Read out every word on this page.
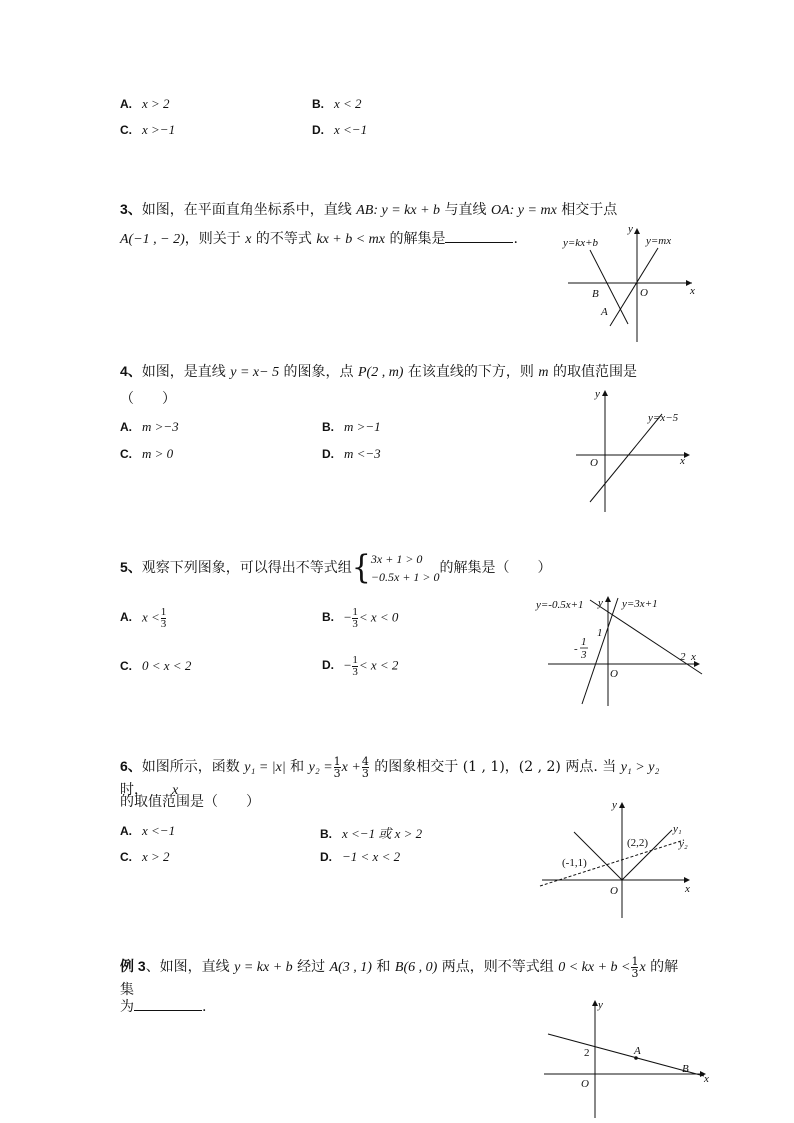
A. x > 2	B. x < 2
C. x >−1	D. x <−1
3、如图，在平面直角坐标系中，直线 AB: y = kx + b 与直线 OA: y = mx 相交于点
A(−1 , − 2)，则关于 x 的不等式 kx + b < mx 的解集是	.	y=kx+b	y=mx
y
x
O
B
A
4、如图，是直线 y = x− 5 的图象，点 P(2 , m) 在该直线的下方，则 m 的取值范围是
（　　）
A. m >−3	B. m >−1
C. m > 0	D. m <−3
y
x
O
y=x−5
5、观察下列图象，可以得出不等式组{ 3x + 1 > 0
−0.5x + 1 > 0
的解集是（　　）
A. $x < \frac{1}{3}$	B. − $\frac{1}{3} < x < 0$
C. 0 < x < 2	D. − $\frac{1}{3} < x < 2$
y=-0.5x+1	y=3x+1
y
x
O
1
2
-
1
3
6、如图所示，函数 y₁ = |x| 和 $y_2 = \frac{1}{3}$ $x + \frac{4}{3}$ 的图象相交于 (1 , 1)，(2 , 2) 两点. 当 y₁ > y₂ 时， x
的取值范围是（　　）
A. x <−1	B. x <−1 或 x > 2
C. x > 2	D. −1 < x < 2
y
x
O
(2,2)
(-1,1)
y₁
y₂
例 3、如图，直线 y = kx + b 经过 A(3 , 1) 和 B(6 , 0) 两点，则不等式组 0 < kx + $b < \frac{1}{3}$ x 的解集
为	.	y
x
O
2	A
B
